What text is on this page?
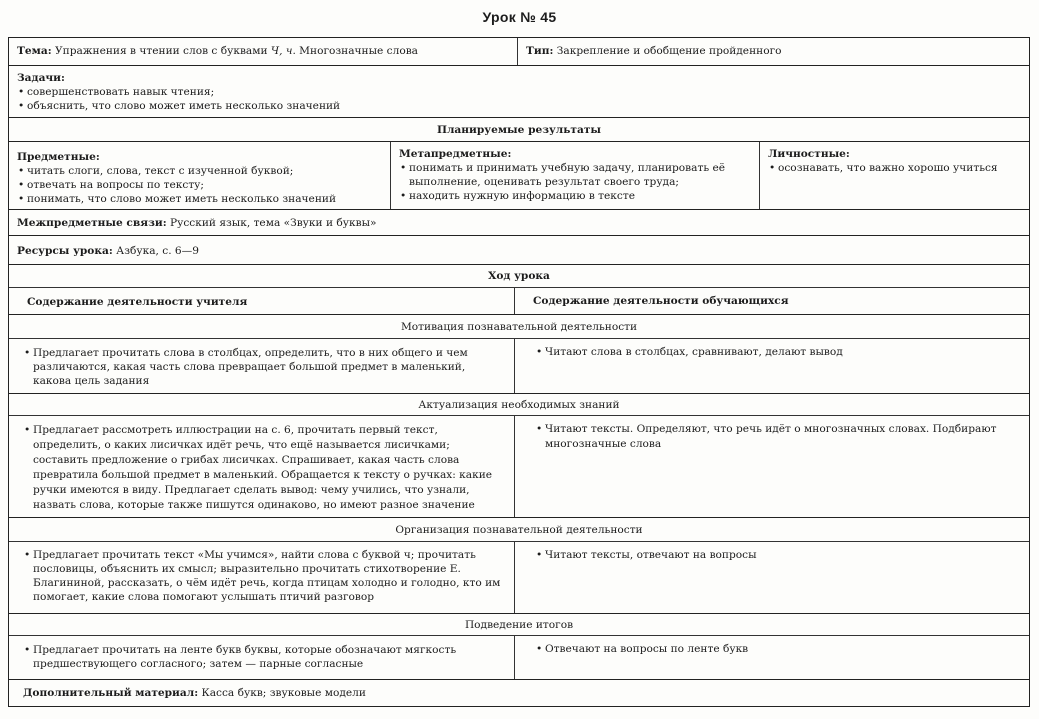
Урок № 45
Тема: Упражнения в чтении слов с буквами Ч, ч. Многозначные слова	Тип: Закрепление и обобщение пройденного

Задачи:

• совершенствовать навык чтения;
• объяснить, что слово может иметь несколько значений
Планируемые результаты

Предметные:

• читать слоги, слова, текст с изученной буквой;
• отвечать на вопросы по тексту;
• понимать, что слово может иметь несколько значений

Метапредметные:

• понимать и принимать учебную задачу, планировать её выполнение, оценивать результат своего труда;
• находить нужную информацию в тексте

Личностные:

• осознавать, что важно хорошо учиться
Межпредметные связи: Русский язык, тема «Звуки и буквы»
Ресурсы урока: Азбука, с. 6—9
Ход урока
Содержание деятельности учителя	Содержание деятельности обучающихся
Мотивация познавательной деятельности
• Предлагает прочитать слова в столбцах, определить, что в них общего и чем различаются, какая часть слова превращает большой предмет в маленький, какова цель задания
• Читают слова в столбцах, сравнивают, делают вывод
Актуализация необходимых знаний
• Предлагает рассмотреть иллюстрации на с. 6, прочитать первый текст, определить, о каких лисичках идёт речь, что ещё называется лисичками; составить предложение о грибах лисичках. Спрашивает, какая часть слова превратила большой предмет в маленький. Обращается к тексту о ручках: какие ручки имеются в виду. Предлагает сделать вывод: чему учились, что узнали, назвать слова, которые также пишутся одинаково, но имеют разное значение
• Читают тексты. Определяют, что речь идёт о многозначных словах. Подбирают многозначные слова
Организация познавательной деятельности
• Предлагает прочитать текст «Мы учимся», найти слова с буквой ч; прочитать пословицы, объяснить их смысл; выразительно прочитать стихотворение Е. Благининой, рассказать, о чём идёт речь, когда птицам холодно и голодно, кто им помогает, какие слова помогают услышать птичий разговор
• Читают тексты, отвечают на вопросы
Подведение итогов
• Предлагает прочитать на ленте букв буквы, которые обозначают мягкость предшествующего согласного; затем — парные согласные
• Отвечают на вопросы по ленте букв
Дополнительный материал: Касса букв; звуковые модели
